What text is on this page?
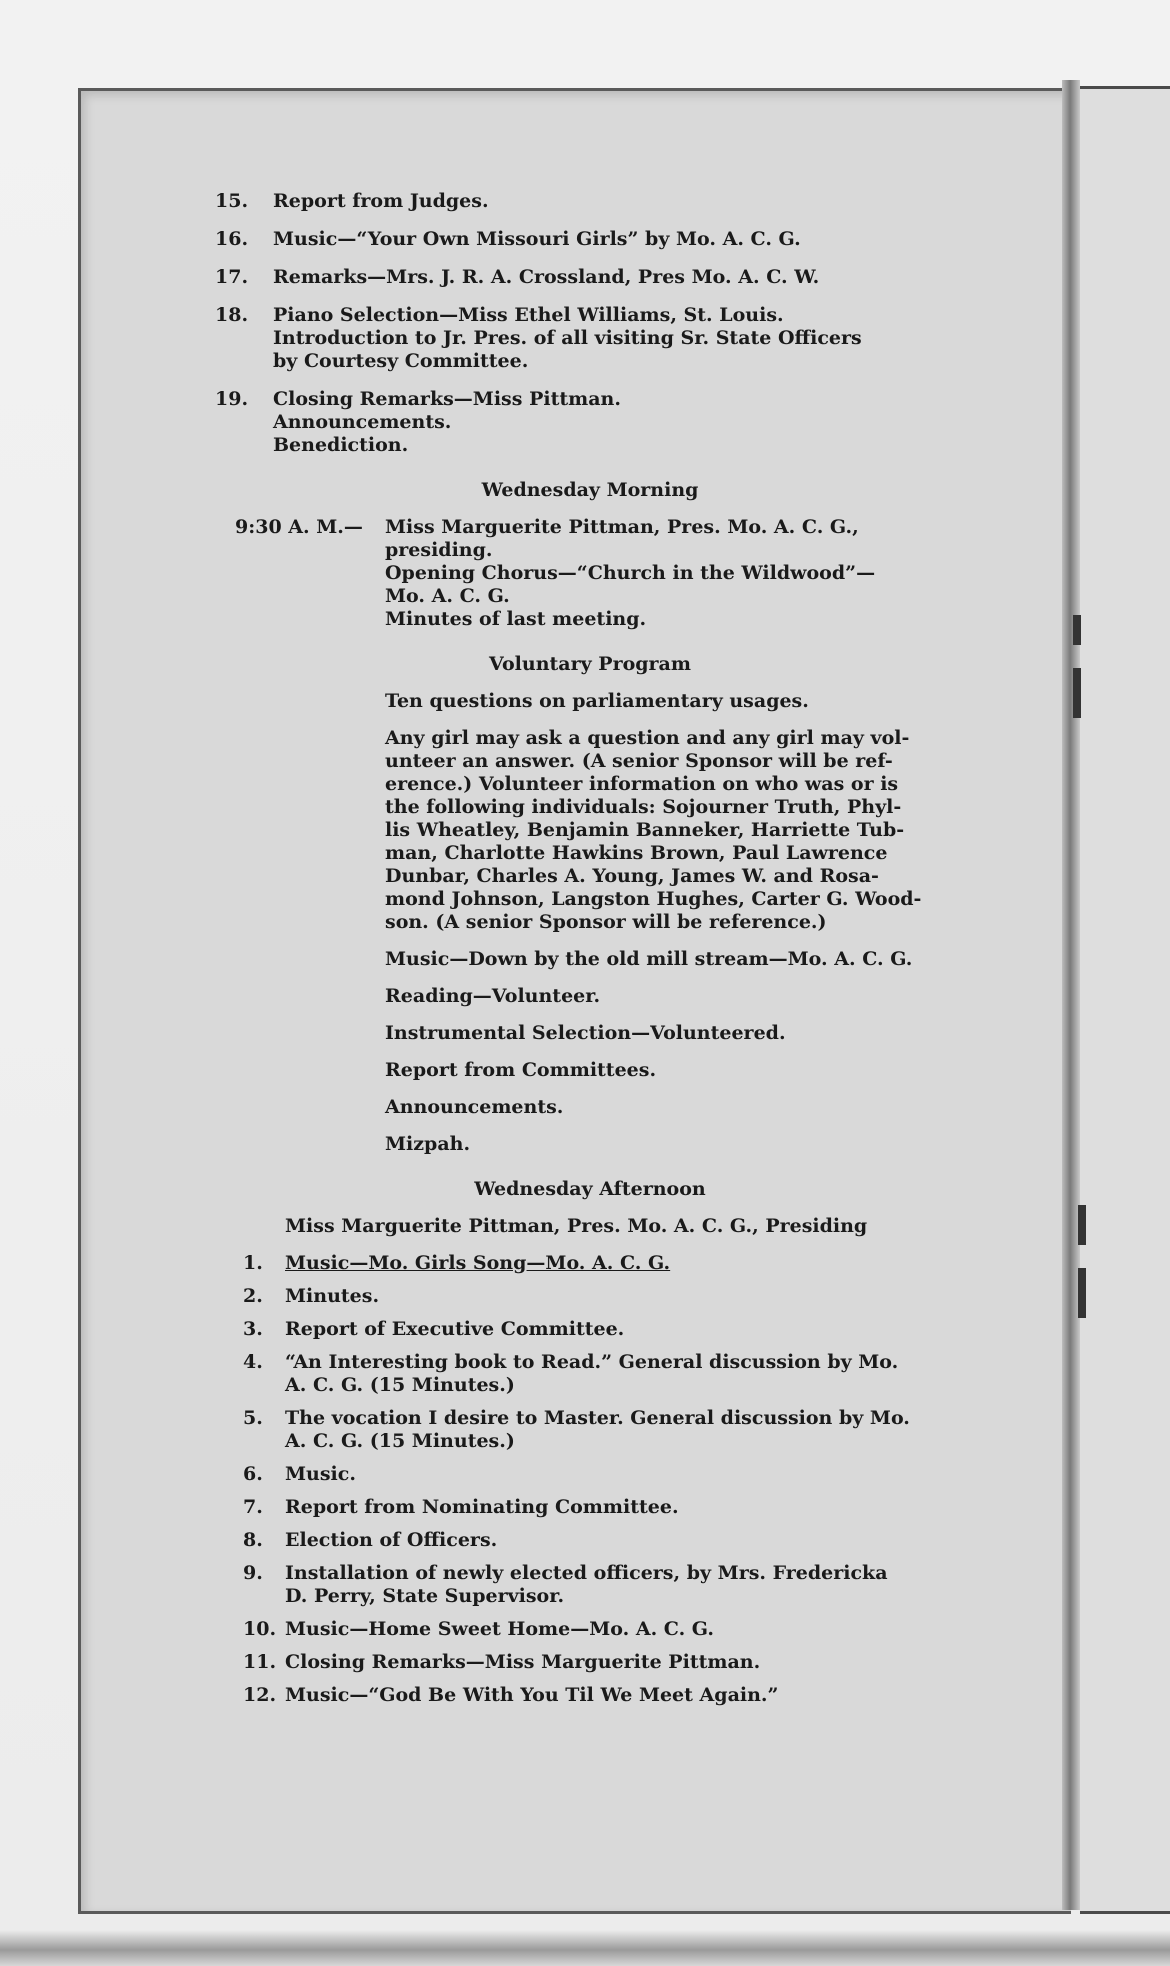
15.	Report from Judges.
16.	Music—“Your Own Missouri Girls” by Mo. A. C. G.
17.	Remarks—Mrs. J. R. A. Crossland, Pres Mo. A. C. W.
18.	Piano Selection—Miss Ethel Williams, St. Louis.
Introduction to Jr. Pres. of all visiting Sr. State Officers
by Courtesy Committee.
19.	Closing Remarks—Miss Pittman.
Announcements.
Benediction.
Wednesday Morning
9:30 A. M.—	Miss Marguerite Pittman, Pres. Mo. A. C. G.,
presiding.
Opening Chorus—“Church in the Wildwood”—
Mo. A. C. G.
Minutes of last meeting.
Voluntary Program
Ten questions on parliamentary usages.
Any girl may ask a question and any girl may vol-
unteer an answer. (A senior Sponsor will be ref-
erence.) Volunteer information on who was or is
the following individuals: Sojourner Truth, Phyl-
lis Wheatley, Benjamin Banneker, Harriette Tub-
man, Charlotte Hawkins Brown, Paul Lawrence
Dunbar, Charles A. Young, James W. and Rosa-
mond Johnson, Langston Hughes, Carter G. Wood-
son. (A senior Sponsor will be reference.)
Music—Down by the old mill stream—Mo. A. C. G.
Reading—Volunteer.
Instrumental Selection—Volunteered.
Report from Committees.
Announcements.
Mizpah.
Wednesday Afternoon
Miss Marguerite Pittman, Pres. Mo. A. C. G., Presiding
1.	Music—Mo. Girls Song—Mo. A. C. G.
2.	Minutes.
3.	Report of Executive Committee.
4.	“An Interesting book to Read.” General discussion by Mo.
A. C. G. (15 Minutes.)
5.	The vocation I desire to Master. General discussion by Mo.
A. C. G. (15 Minutes.)
6.	Music.
7.	Report from Nominating Committee.
8.	Election of Officers.
9.	Installation of newly elected officers, by Mrs. Fredericka
D. Perry, State Supervisor.
10. Music—Home Sweet Home—Mo. A. C. G.
11. Closing Remarks—Miss Marguerite Pittman.
12. Music—“God Be With You Til We Meet Again.”
